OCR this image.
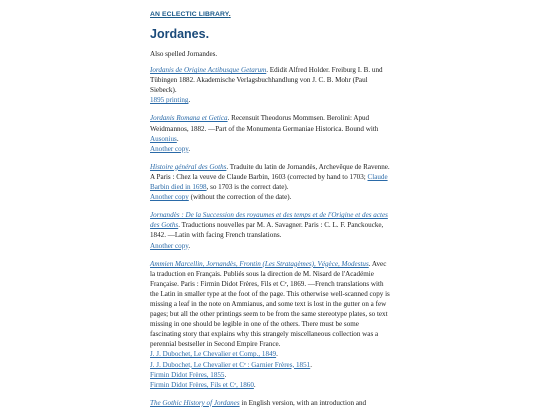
AN ECLECTIC LIBRARY.
Jordanes.

Also spelled Jornandes.

Iordanis de Origine Actibusque Getarum. Edidit Alfred Holder. Freiburg I. B. und Tübingen 1882. Akademische Verlagsbuchhandlung von J. C. B. Mohr (Paul Siebeck).
1895 printing.
Jordanis Romana et Getica. Recensuit Theodorus Mommsen. Berolini: Apud Weidmannos, 1882. —Part of the Monumenta Germaniae Historica. Bound with Ausonius.
Another copy.
Histoire général des Goths. Traduite du latin de Jornandès, Archevêque de Ravenne. A Paris : Chez la veuve de Claude Barbin, 1603 (corrected by hand to 1703; Claude Barbin died in 1698, so 1703 is the correct date).
Another copy (without the correction of the date).
Jornandès : De la Succession des royaumes et des temps et de l'Origine et des actes des Goths. Traductions nouvelles par M. A. Savagner. Paris : C. L. F. Panckoucke, 1842. —Latin with facing French translations.
Another copy.
Ammien Marcellin, Jornandès, Frontin (Les Stratagèmes), Végèce, Modestus. Avec la traduction en Français. Publiés sous la direction de M. Nisard de l'Académie Française. Paris : Firmin Didot Frères, Fils et Cᵉ, 1869. —French translations with the Latin in smaller type at the foot of the page. This otherwise well-scanned copy is missing a leaf in the note on Ammianus, and some text is lost in the gutter on a few pages; but all the other printings seem to be from the same stereotype plates, so text missing in one should be legible in one of the others. There must be some fascinating story that explains why this strangely miscellaneous collection was a perennial bestseller in Second Empire France.
J. J. Dubochet, Le Chevalier et Comp., 1849.
J. J. Dubochet, Le Chevalier et Cᵉ : Garnier Frères, 1851.
Firmin Didot Frères, 1855.
Firmin Didot Frères, Fils et Cᵉ, 1860.
The Gothic History of Jordanes in English version, with an introduction and
